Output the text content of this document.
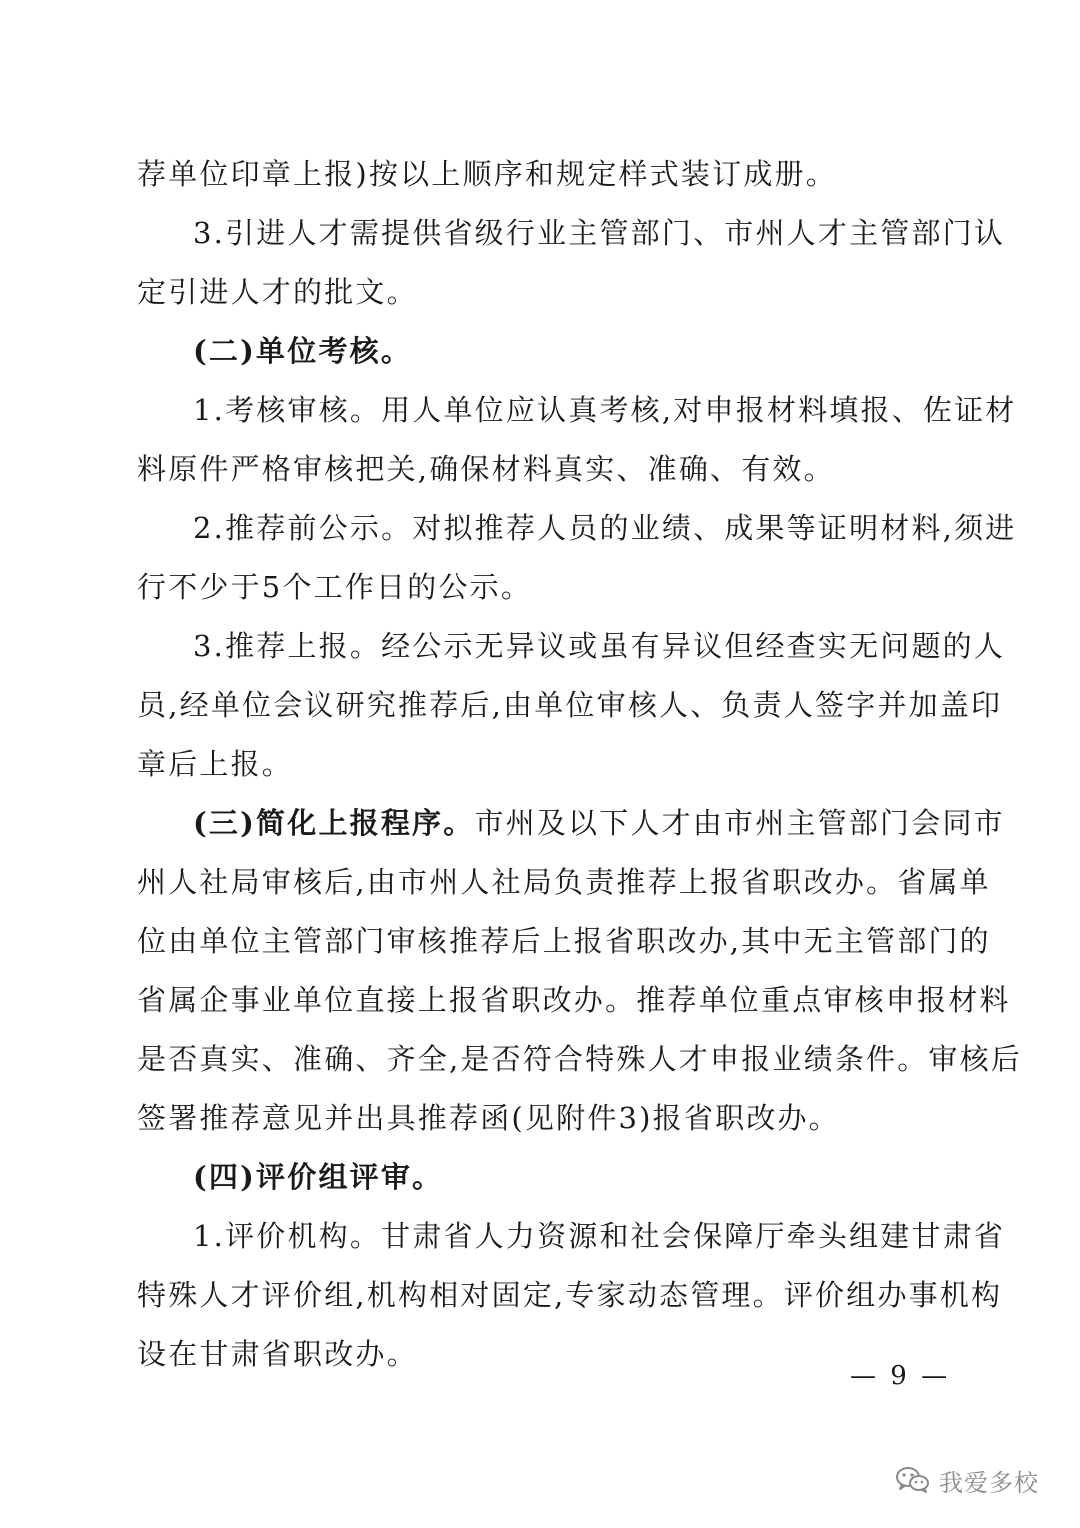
荐单位印章上报)按以上顺序和规定样式装订成册。
3.引进人才需提供省级行业主管部门、市州人才主管部门认
定引进人才的批文。
(二)单位考核。
1.考核审核。用人单位应认真考核,对申报材料填报、佐证材
料原件严格审核把关,确保材料真实、准确、有效。
2.推荐前公示。对拟推荐人员的业绩、成果等证明材料,须进
行不少于5个工作日的公示。
3.推荐上报。经公示无异议或虽有异议但经查实无问题的人
员,经单位会议研究推荐后,由单位审核人、负责人签字并加盖印
章后上报。
(三)简化上报程序。 市州及以下人才由市州主管部门会同市
州人社局审核后,由市州人社局负责推荐上报省职改办。省属单
位由单位主管部门审核推荐后上报省职改办,其中无主管部门的
省属企事业单位直接上报省职改办。推荐单位重点审核申报材料
是否真实、准确、齐全,是否符合特殊人才申报业绩条件。审核后
签署推荐意见并出具推荐函(见附件3)报省职改办。
(四)评价组评审。
1.评价机构。甘肃省人力资源和社会保障厅牵头组建甘肃省
特殊人才评价组,机构相对固定,专家动态管理。评价组办事机构
设在甘肃省职改办。
— 9 —
我爱多校
